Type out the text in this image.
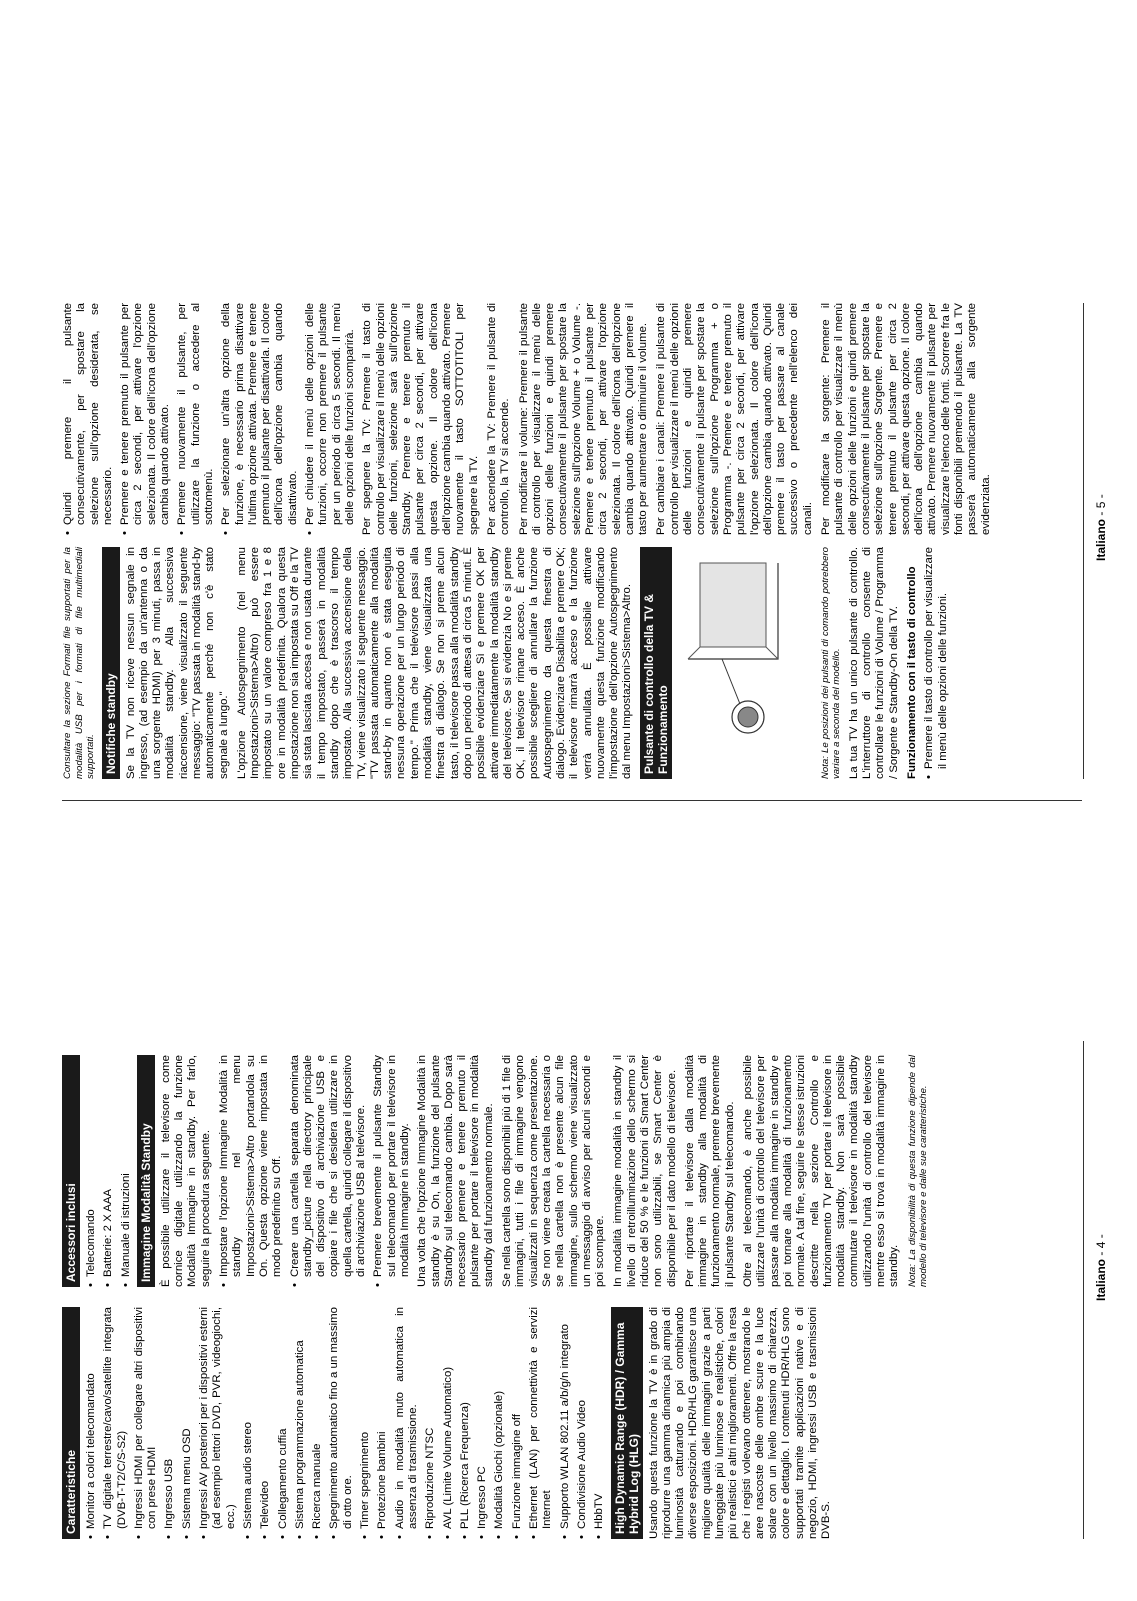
Caratteristiche • Monitor a colori telecomandato • TV digitale terrestre/cavo/satellite integrata (DVB-T-T2/C/S-S2) • Ingressi HDMI per collegare altri dispositivi con prese HDMI • Ingresso USB • Sistema menu OSD • Ingressi AV posteriori per i dispositivi esterni (ad esempio lettori DVD, PVR, videogiochi, ecc.) • Sistema audio stereo • Televideo • Collegamento cuffia • Sistema programmazione automatica • Ricerca manuale • Spegnimento automatico fino a un massimo di otto ore. • Timer spegnimento • Protezione bambini • Audio in modalità muto automatica in assenza di trasmissione. • Riproduzione NTSC • AVL (Limite Volume Automatico) • PLL (Ricerca Frequenza) • Ingresso PC • Modalità Giochi (opzionale) • Funzione immagine off • Ethernet (LAN) per connettività e servizi Internet • Supporto WLAN 802.11 a/b/g/n integrato • Condivisione Audio Video • HbbTV High Dynamic Range (HDR) / Gamma Hybrid Log (HLG) Usando questa funzione la TV è in grado di riprodurre una gamma dinamica più ampia di luminosità catturando e poi combinando diverse esposizioni. HDR/HLG garantisce una migliore qualità delle immagini grazie a parti lumeggiate più luminose e realistiche, colori più realistici e altri miglioramenti. Offre la resa che i registi volevano ottenere, mostrando le aree nascoste delle ombre scure e la luce solare con un livello massimo di chiarezza, colore e dettaglio. I contenuti HDR/HLG sono supportati tramite applicazioni native e di negozio, HDMI, ingressi USB e trasmissioni DVB-S.

Accessori inclusi • Telecomando • Batterie: 2 X AAA • Manuale di istruzioni Immagine Modalità Standby È possibile utilizzare il televisore come cornice digitale utilizzando la funzione Modalità Immagine in standby. Per farlo, seguire la procedura seguente. • Impostare l'opzione Immagine Modalità in standby nel menu Impostazioni>Sistema>Altro portandola su On. Questa opzione viene impostata in modo predefinito su Off. • Creare una cartella separata denominata standby_picture nella directory principale del dispositivo di archiviazione USB e copiare i file che si desidera utilizzare in quella cartella, quindi collegare il dispositivo di archiviazione USB al televisore. • Premere brevemente il pulsante Standby sul telecomando per portare il televisore in modalità Immagine in standby. Una volta che l'opzione Immagine Modalità in standby è su On, la funzione del pulsante Standby sul telecomando cambia. Dopo sarà necessario premere e tenere premuto il pulsante per portare il televisore in modalità standby dal funzionamento normale. Se nella cartella sono disponibili più di 1 file di immagini, tutti i file di immagine vengono visualizzati in sequenza come presentazione. Se non viene creata la cartella necessaria o se nella cartella non è presente alcun file immagine, sullo schermo viene visualizzato un messaggio di avviso per alcuni secondi e poi scompare. In modalità immagine modalità in standby il livello di retroilluminazione dello schermo si riduce del 50 % e le funzioni di Smart Center non sono utilizzabili, se Smart Center è disponibile per il dato modello di televisore. Per riportare il televisore dalla modalità immagine in standby alla modalità di funzionamento normale, premere brevemente il pulsante Standby sul telecomando. Oltre al telecomando, è anche possibile utilizzare l'unità di controllo del televisore per passare alla modalità immagine in standby e poi tornare alla modalità di funzionamento normale. A tal fine, seguire le stesse istruzioni descritte nella sezione Controllo e funzionamento TV per portare il televisore in modalità standby. Non sarà possibile commutare il televisore in modalità standby utilizzando l'unità di controllo del televisore mentre esso si trova in modalità immagine in standby. Nota: La disponibilità di questa funzione dipende dal modello di televisore e dalle sue caratteristiche.	Italiano - 4 -

Consultare la sezione Formati file supportati per la modalità USB per i formati di file multimediali supportati. Notifiche standby Se la TV non riceve nessun segnale in ingresso, (ad esempio da un'antenna o da una sorgente HDMI) per 3 minuti, passa in modalità standby. Alla successiva riaccensione, viene visualizzato il seguente messaggio: "TV passata in modalità stand-by automaticamente perché non c'è stato segnale a lungo." L'opzione Autospegnimento (nel menu Impostazioni>Sistema>Altro) può essere impostato su un valore compreso fra 1 e 8 ore in modalità predefinita. Qualora questa impostazione non sia impostata su Off e la TV sia stata lasciata accesa e non usata durante il tempo impostato, passerà in modalità standby dopo che è trascorso il tempo impostato. Alla successiva accensione della TV, viene visualizzato il seguente messaggio. "TV passata automaticamente alla modalità stand-by in quanto non è stata eseguita nessuna operazione per un lungo periodo di tempo." Prima che il televisore passi alla modalità standby, viene visualizzata una finestra di dialogo. Se non si preme alcun tasto, il televisore passa alla modalità standby dopo un periodo di attesa di circa 5 minuti. È possibile evidenziare Sì e premere OK per attivare immediatamente la modalità standby del televisore. Se si evidenzia No e si preme OK, il televisore rimane acceso. È anche possibile scegliere di annullare la funzione Autospegnimento da questa finestra di dialogo. Evidenziare Disabilita e premere OK; il televisore rimarrà acceso e la funzione verrà annullata. È possibile attivare nuovamente questa funzione modificando l'impostazione dell'opzione Autospegnimento dal menu Impostazioni>Sistema>Altro. Pulsante di controllo della TV & Funzionamento	Nota: Le posizioni dei pulsanti di comando potrebbero variare a seconda del modello. La tua TV ha un unico pulsante di controllo. L'interruttore di controllo consente di controllare le funzioni di Volume / Programma / Sorgente e Standby-On della TV. Funzionamento con il tasto di controllo • Premere il tasto di controllo per visualizzare il menù delle opzioni delle funzioni.
• Quindi premere il pulsante consecutivamente, per spostare la selezione sull'opzione desiderata, se necessario. • Premere e tenere premuto il pulsante per circa 2 secondi, per attivare l'opzione selezionata. Il colore dell'icona dell'opzione cambia quando attivato. • Premere nuovamente il pulsante, per utilizzare la funzione o accedere al sottomenù. • Per selezionare un'altra opzione della funzione, è necessario prima disattivare l'ultima opzione attivata. Premere e tenere premuto il pulsante per disattivarla. Il colore dell'icona dell'opzione cambia quando disattivato. • Per chiudere il menù delle opzioni delle funzioni, occorre non premere il pulsante per un periodo di circa 5 secondi. Il menù delle opzioni delle funzioni scomparirà. Per spegnere la TV: Premere il tasto di controllo per visualizzare il menù delle opzioni delle funzioni, selezione sarà sull'opzione Standby. Premere e tenere premuto il pulsante per circa 2 secondi, per attivare questa opzione. Il colore dell'icona dell'opzione cambia quando attivato. Premere nuovamente il tasto SOTTOTITOLI per spegnere la TV. Per accendere la TV: Premere il pulsante di controllo, la TV si accende. Per modificare il volume: Premere il pulsante di controllo per visualizzare il menù delle opzioni delle funzioni e quindi premere consecutivamente il pulsante per spostare la selezione sull'opzione Volume + o Volume -. Premere e tenere premuto il pulsante per circa 2 secondi, per attivare l'opzione selezionata. Il colore dell'icona dell'opzione cambia quando attivato. Quindi premere il tasto per aumentare o diminuire il volume. Per cambiare i canali: Premere il pulsante di controllo per visualizzare il menù delle opzioni delle funzioni e quindi premere consecutivamente il pulsante per spostare la selezione sull'opzione Programma + o Programma -. Premere e tenere premuto il pulsante per circa 2 secondi, per attivare l'opzione selezionata. Il colore dell'icona dell'opzione cambia quando attivato. Quindi premere il tasto per passare al canale successivo o precedente nell'elenco dei canali. Per modificare la sorgente: Premere il pulsante di controllo per visualizzare il menù delle opzioni delle funzioni e quindi premere consecutivamente il pulsante per spostare la selezione sull'opzione Sorgente. Premere e tenere premuto il pulsante per circa 2 secondi, per attivare questa opzione. Il colore dell'icona dell'opzione cambia quando attivato. Premere nuovamente il pulsante per visualizzare l'elenco delle fonti. Scorrere fra le fonti disponibili premendo il pulsante. La TV passerà automaticamente alla sorgente evidenziata.

Italiano - 5 -
